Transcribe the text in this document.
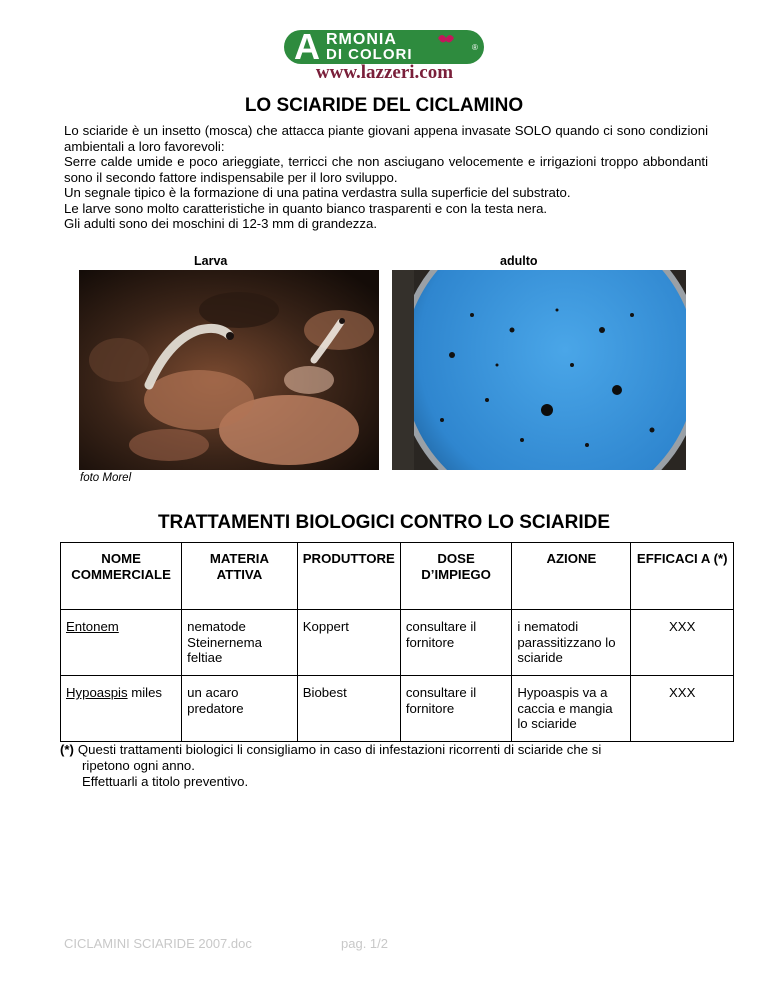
A RMONIA
DI COLORI	®
www.lazzeri.com
LO SCIARIDE DEL CICLAMINO

Lo sciaride è un insetto (mosca) che attacca piante giovani appena invasate SOLO quando ci sono condizioni ambientali a loro favorevoli:

Serre calde umide e poco arieggiate, terricci che non asciugano velocemente e irrigazioni troppo abbondanti sono il secondo fattore indispensabile per il loro sviluppo.

Un segnale tipico è la formazione di una patina verdastra sulla superficie del substrato.

Le larve sono molto caratteristiche in quanto bianco trasparenti e con la testa nera.

Gli adulti sono dei moschini di 12-3 mm di grandezza.

Larva	adulto
foto Morel
TRATTAMENTI BIOLOGICI CONTRO LO SCIARIDE
NOME COMMERCIALE	MATERIA ATTIVA	PRODUTTORE	DOSE D’IMPIEGO	AZIONE	EFFICACI A (*)
Entonem	nematode Steinernema feltiae	Koppert	consultare il fornitore	i nematodi parassitizzano lo sciaride	XXX
Hypoaspis miles	un acaro predatore	Biobest	consultare il fornitore	Hypoaspis va a caccia e mangia lo sciaride	XXX
(*) Questi trattamenti biologici li consigliamo in caso di infestazioni ricorrenti di sciaride che si
ripetono ogni anno.
Effettuarli a titolo preventivo.
CICLAMINI SCIARIDE 2007.doc	pag. 1/2
